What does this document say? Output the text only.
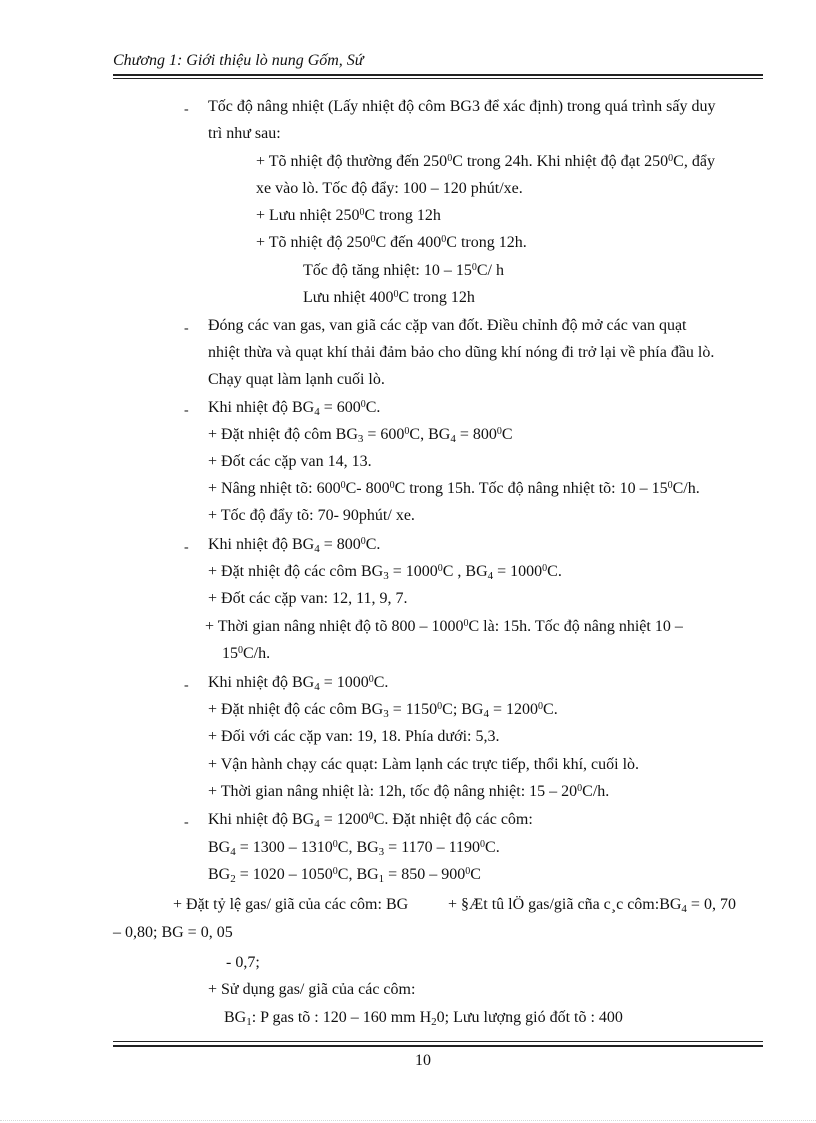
Chương 1: Giới thiệu lò nung Gốm, Sứ
- Tốc độ nâng nhiệt (Lấy nhiệt độ côm BG3 để xác định) trong quá trình sấy duy
trì như sau:
+ Tõ nhiệt độ thường đến $250^0C$ trong 24h. Khi nhiệt độ đạt $250^0C$, đẩy
xe vào lò. Tốc độ đẩy: 100 – 120 phút/xe.
+ Lưu nhiệt $250^0C$ trong 12h
+ Tõ nhiệt độ $250^0C$ đến $400^0C$ trong 12h.
Tốc độ tăng nhiệt: $10 - 15^0C/$ h
Lưu nhiệt $400^0C$ trong 12h
- Đóng các van gas, van giã các cặp van đốt. Điều chỉnh độ mở các van quạt
nhiệt thừa và quạt khí thải đảm bảo cho dũng khí nóng đi trở lại về phía đầu lò.
Chạy quạt làm lạnh cuối lò.
- Khi nhiệt độ $BG_4 = 600^0C$.
+ Đặt nhiệt độ côm $BG_3 = 600^0C$, $BG_4 = 800^0C$
+ Đốt các cặp van 14, 13.
+ Nâng nhiệt tõ: $600^0C-$ $800^0C$ trong 15h. Tốc độ nâng nhiệt tõ: $10 - 15^0C/h$.
+ Tốc độ đẩy tõ: 70- 90phút/ xe.
- Khi nhiệt độ $BG_4 = 800^0C$.
+ Đặt nhiệt độ các côm $BG_3 = 1000^0C$ , $BG_4 = 1000^0C$.
+ Đốt các cặp van: 12, 11, 9, 7.
+ Thời gian nâng nhiệt độ tõ 800 – 1000$^0$C là: 15h. Tốc độ nâng nhiệt 10 –
$15^0C/h$.
- Khi nhiệt độ $BG_4 = 1000^0C$.
+ Đặt nhiệt độ các côm $BG_3 = 1150^0C$; $BG_4 = 1200^0C$.
+ Đối với các cặp van: 19, 18. Phía dưới: 5,3.
+ Vận hành chạy các quạt: Làm lạnh các trực tiếp, thổi khí, cuối lò.
+ Thời gian nâng nhiệt là: 12h, tốc độ nâng nhiệt: $15 - 20^0C/h$.
- Khi nhiệt độ $BG_4 = 1200^0C$. Đặt nhiệt độ các côm:
$BG_4 = 1300 - 1310^0C$, $BG_3 = 1170 - 1190^0C$.
$BG_2 = 1020 - 1050^0C$, $BG_1 = 850 - 900^0C$
+ Đặt tỷ lệ gas/ giã của các côm: BG + §Æt tû lÖ gas/giã cña c¸c $côm:BG_4 = 0$, 70
– 0,80; BG = 0, 05
- 0,7;
+ Sử dụng gas/ giã của các côm:
$BG_1$: P gas tõ : 120 – 160 mm $H_20$; Lưu lượng gió đốt tõ : 400
10
